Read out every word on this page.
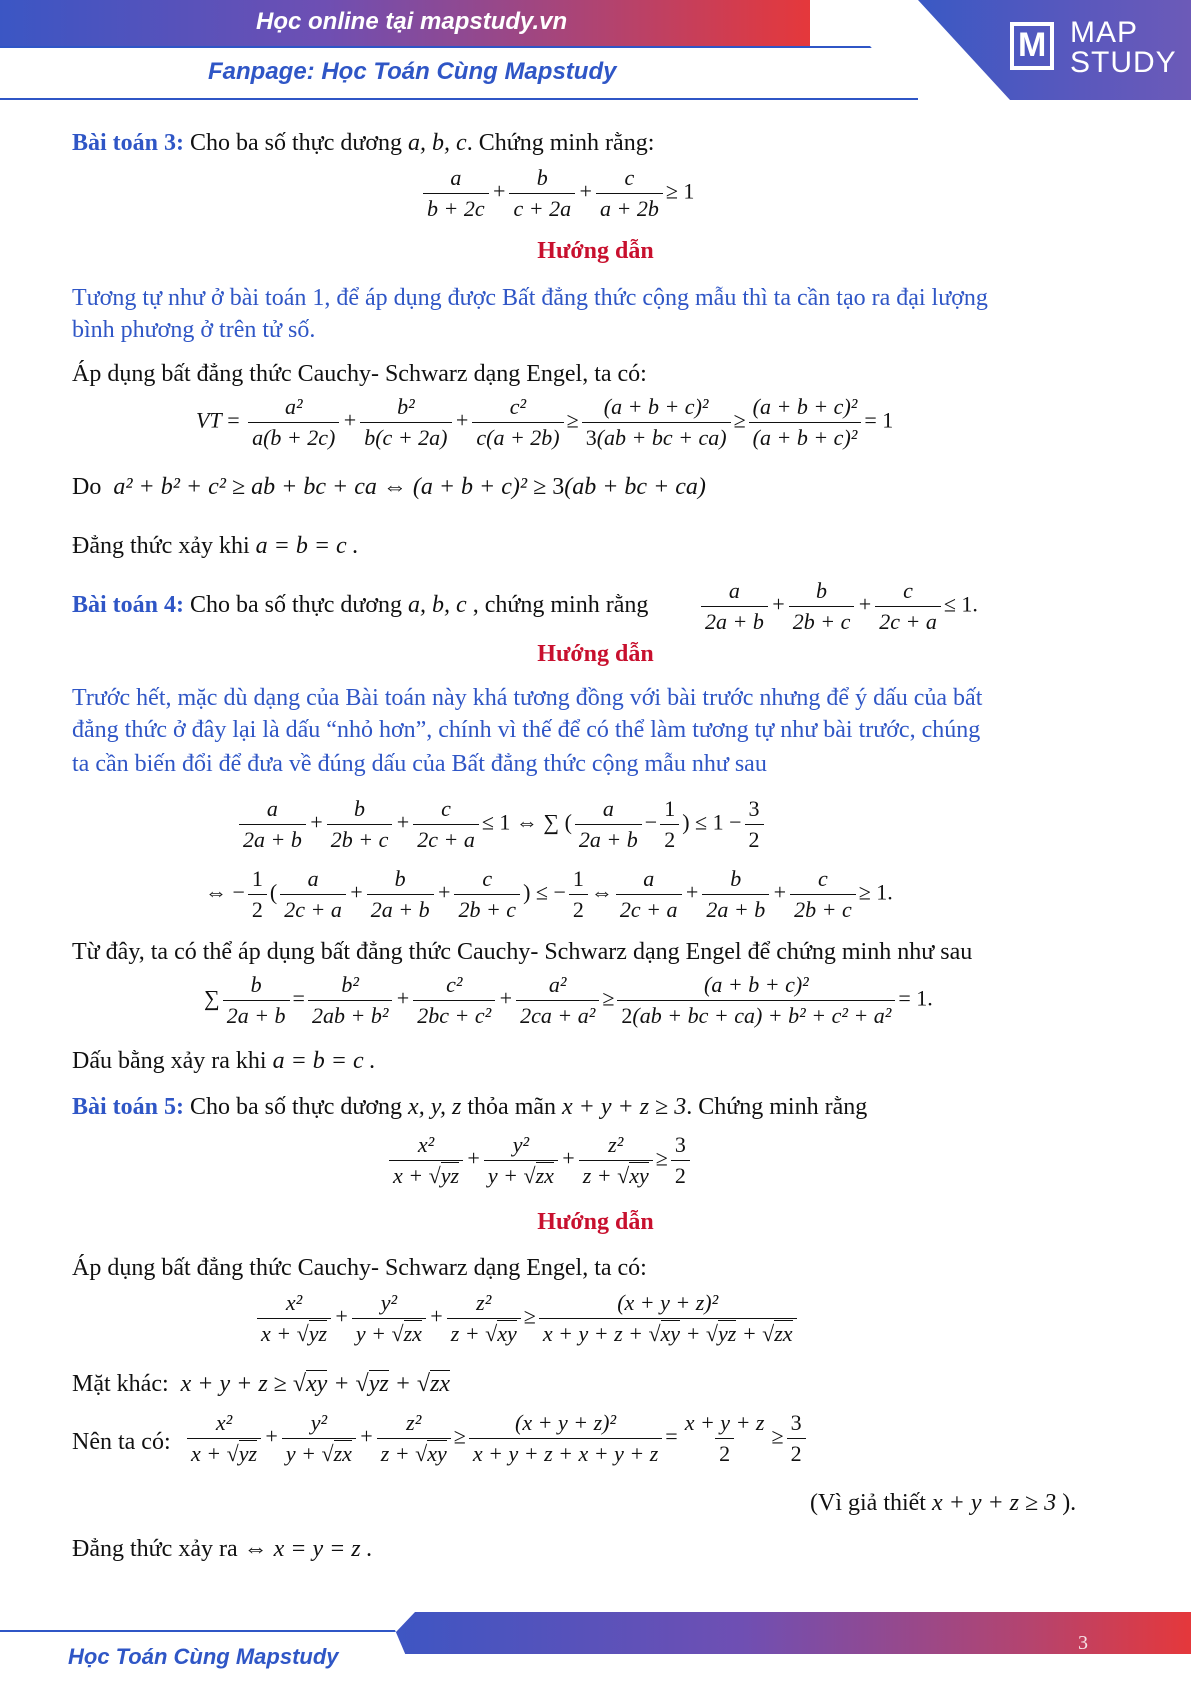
Học online tại mapstudy.vn
Fanpage: Học Toán Cùng Mapstudy
M MAP
STUDY
Bài toán 3: Cho ba số thực dương a, b, c. Chứng minh rằng:
$\frac{a}{b + 2c} + \frac{b}{c + 2a} + \frac{c}{a + 2b} \ge 1$
Hướng dẫn
Tương tự như ở bài toán 1, để áp dụng được Bất đẳng thức cộng mẫu thì ta cần tạo ra đại lượng
bình phương ở trên tử số.
Áp dụng bất đẳng thức Cauchy- Schwarz dạng Engel, ta có:
VT = $\frac{\text{a²}}{a(b + 2c)} + \frac{\text{b²}}{b(c + 2a)} + \frac{\text{c²}}{c(a + 2b)} \ge \frac{\text{(a + b + c)²}}{3(ab + bc + ca)} \ge \frac{\text{(a + b + c)²}}{\text{(a + b + c)²}} = 1$
Do  a² + b² + c² ≥ ab + bc + ca ⇔ (a + b + c)² ≥ 3(ab + bc + ca)
Đẳng thức xảy khi a = b = c .
Bài toán 4: Cho ba số thực dương a, b, c , chứng minh rằng $\frac{a}{2a + b} + \frac{b}{2b + c} + \frac{c}{2c + a} \le 1$.
Hướng dẫn
Trước hết, mặc dù dạng của Bài toán này khá tương đồng với bài trước nhưng để ý dấu của bất
đẳng thức ở đây lại là dấu “nhỏ hơn”, chính vì thế để có thể làm tương tự như bài trước, chúng
ta cần biến đổi để đưa về đúng dấu của Bất đẳng thức cộng mẫu như sau
$\frac{a}{2a + b} + \frac{b}{2b + c} + \frac{c}{2c + a} \le 1$ ⇔ ∑ ( $\frac{a}{2a + b} - \frac{1}{2}$ ) ≤ $1 - \frac{3}{2}$
⇔ − $\frac{1}{2}$ ( $\frac{a}{2c + a} + \frac{b}{2a + b} + \frac{c}{2b + c}$ ) ≤ − $\frac{1}{2}$ ⇔ $\frac{a}{2c + a} + \frac{b}{2a + b} + \frac{c}{2b + c} \ge 1$.
Từ đây, ta có thể áp dụng bất đẳng thức Cauchy- Schwarz dạng Engel để chứng minh như sau
∑ $\frac{b}{2a + b} = \frac{\text{b²}}{\text{2ab + b²}} + \frac{\text{c²}}{\text{2bc + c²}} + \frac{\text{a²}}{\text{2ca + a²}} \ge \frac{\text{(a + b + c)²}}{\text{2(ab + bc + ca) + b² + c² + a²}} = 1$.
Dấu bằng xảy ra khi a = b = c .
Bài toán 5: Cho ba số thực dương x, y, z thỏa mãn x + y + z ≥ 3. Chứng minh rằng
$\frac{\text{x²}}{x + √yz} + \frac{\text{y²}}{y + √zx} + \frac{\text{z²}}{z + √xy} \ge \frac{3}{2}$
Hướng dẫn
Áp dụng bất đẳng thức Cauchy- Schwarz dạng Engel, ta có:
$\frac{\text{x²}}{x + √yz} + \frac{\text{y²}}{y + √zx} + \frac{\text{z²}}{z + √xy} \ge \frac{\text{(x + y + z)²}}{x + y + z + √xy + √yz + √zx}$
Mặt khác:  x + y + z ≥ √xy + √yz + √zx
Nên ta có: $\frac{\text{x²}}{x + √yz} + \frac{\text{y²}}{y + √zx} + \frac{\text{z²}}{z + √xy} \ge \frac{\text{(x + y + z)²}}{x + y + z + x + y + z} = \frac{x + y + z}{2} \ge \frac{3}{2}$
(Vì giả thiết x + y + z ≥ 3 ).
Đẳng thức xảy ra ⇔ x = y = z .
Học Toán Cùng Mapstudy
3
